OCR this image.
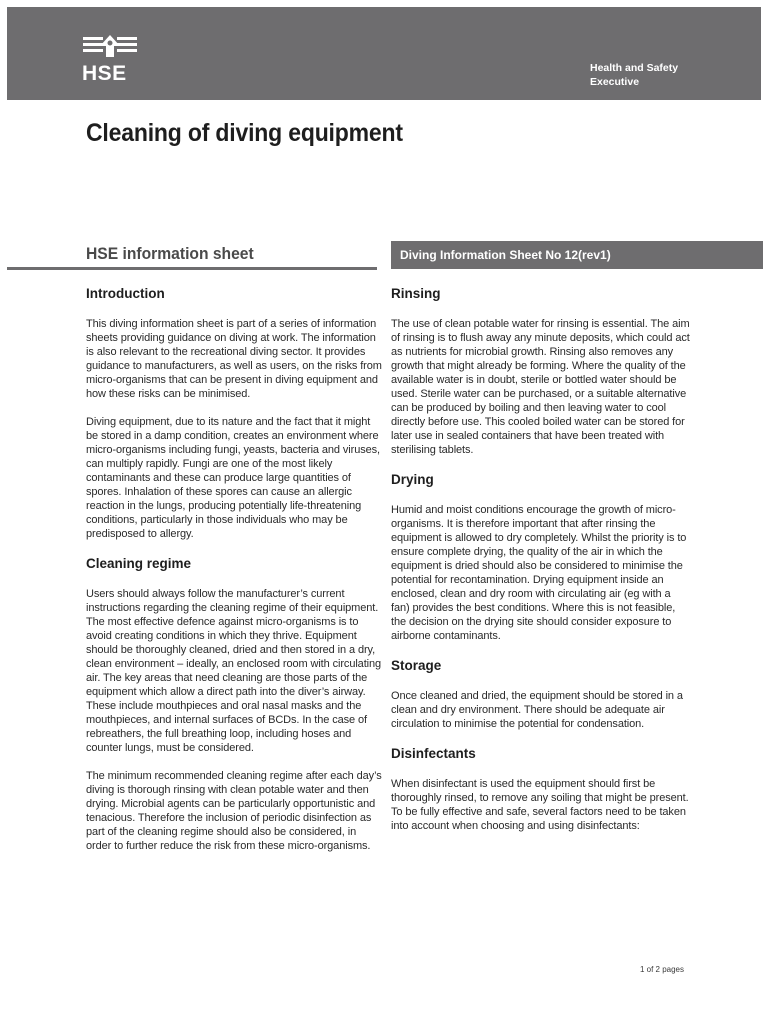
HSE	Health and Safety
Executive
Cleaning of diving equipment
HSE information sheet	Diving Information Sheet No 12(rev1)
Introduction

This diving information sheet is part of a series of information sheets providing guidance on diving at work. The information is also relevant to the recreational diving sector. It provides guidance to manufacturers, as well as users, on the risks from micro-organisms that can be present in diving equipment and how these risks can be minimised.

Diving equipment, due to its nature and the fact that it might be stored in a damp condition, creates an environment where micro-organisms including fungi, yeasts, bacteria and viruses, can multiply rapidly. Fungi are one of the most likely contaminants and these can produce large quantities of spores. Inhalation of these spores can cause an allergic reaction in the lungs, producing potentially life-threatening conditions, particularly in those individuals who may be predisposed to allergy.

Cleaning regime

Users should always follow the manufacturer’s current instructions regarding the cleaning regime of their equipment. The most effective defence against micro-organisms is to avoid creating conditions in which they thrive. Equipment should be thoroughly cleaned, dried and then stored in a dry, clean environment – ideally, an enclosed room with circulating air. The key areas that need cleaning are those parts of the equipment which allow a direct path into the diver’s airway. These include mouthpieces and oral nasal masks and the mouthpieces, and internal surfaces of BCDs. In the case of rebreathers, the full breathing loop, including hoses and counter lungs, must be considered.

The minimum recommended cleaning regime after each day’s diving is thorough rinsing with clean potable water and then drying. Microbial agents can be particularly opportunistic and tenacious. Therefore the inclusion of periodic disinfection as part of the cleaning regime should also be considered, in order to further reduce the risk from these micro-organisms.

Rinsing

The use of clean potable water for rinsing is essential. The aim of rinsing is to flush away any minute deposits, which could act as nutrients for microbial growth. Rinsing also removes any growth that might already be forming. Where the quality of the available water is in doubt, sterile or bottled water should be used. Sterile water can be purchased, or a suitable alternative can be produced by boiling and then leaving water to cool directly before use. This cooled boiled water can be stored for later use in sealed containers that have been treated with sterilising tablets.

Drying

Humid and moist conditions encourage the growth of micro-organisms. It is therefore important that after rinsing the equipment is allowed to dry completely. Whilst the priority is to ensure complete drying, the quality of the air in which the equipment is dried should also be considered to minimise the potential for recontamination. Drying equipment inside an enclosed, clean and dry room with circulating air (eg with a fan) provides the best conditions. Where this is not feasible, the decision on the drying site should consider exposure to airborne contaminants.

Storage

Once cleaned and dried, the equipment should be stored in a clean and dry environment. There should be adequate air circulation to minimise the potential for condensation.

Disinfectants

When disinfectant is used the equipment should first be thoroughly rinsed, to remove any soiling that might be present. To be fully effective and safe, several factors need to be taken into account when choosing and using disinfectants:

1 of 2 pages
